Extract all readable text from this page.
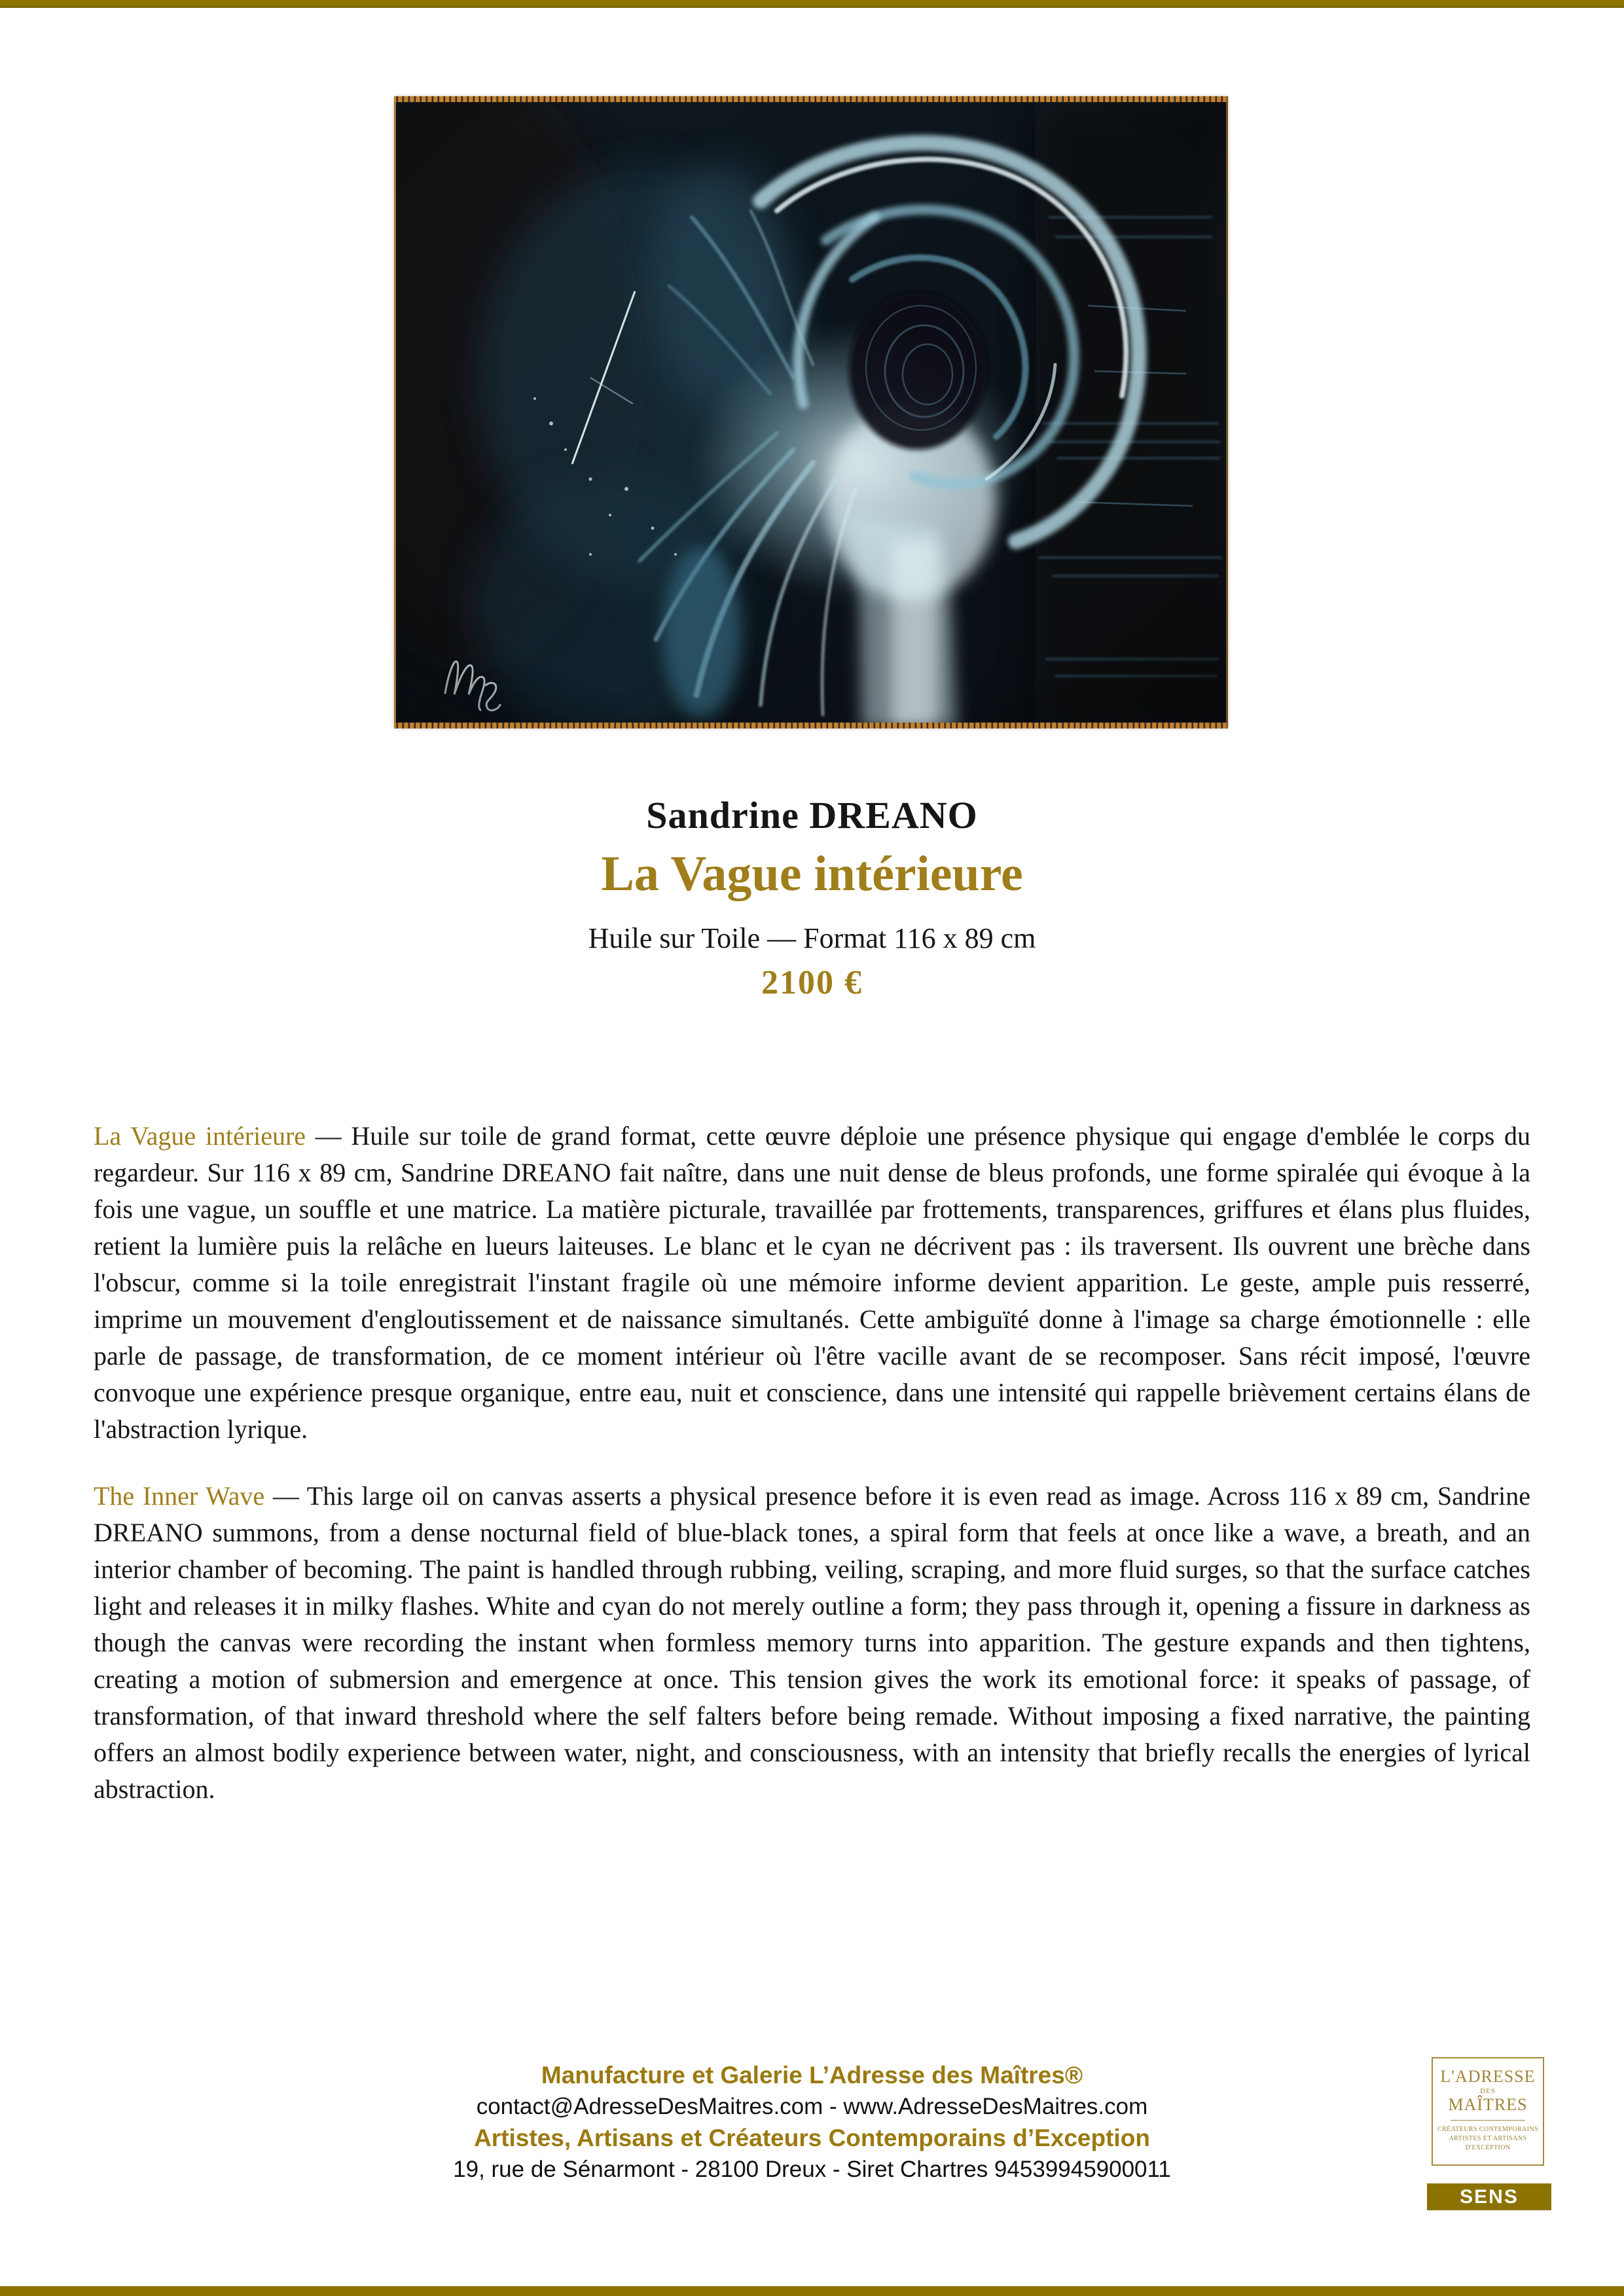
Sandrine DREANO
La Vague intérieure
Huile sur Toile — Format 116 x 89 cm
2100 €

La Vague intérieure — Huile sur toile de grand format, cette œuvre déploie une présence physique qui engage d'emblée le corps du regardeur. Sur 116 x 89 cm, Sandrine DREANO fait naître, dans une nuit dense de bleus profonds, une forme spiralée qui évoque à la fois une vague, un souffle et une matrice. La matière picturale, travaillée par frottements, transparences, griffures et élans plus fluides, retient la lumière puis la relâche en lueurs laiteuses. Le blanc et le cyan ne décrivent pas : ils traversent. Ils ouvrent une brèche dans l'obscur, comme si la toile enregistrait l'instant fragile où une mémoire informe devient apparition. Le geste, ample puis resserré, imprime un mouvement d'engloutissement et de naissance simultanés. Cette ambiguïté donne à l'image sa charge émotionnelle : elle parle de passage, de transformation, de ce moment intérieur où l'être vacille avant de se recomposer. Sans récit imposé, l'œuvre convoque une expérience presque organique, entre eau, nuit et conscience, dans une intensité qui rappelle brièvement certains élans de l'abstraction lyrique.

The Inner Wave — This large oil on canvas asserts a physical presence before it is even read as image. Across 116 x 89 cm, Sandrine DREANO summons, from a dense nocturnal field of blue-black tones, a spiral form that feels at once like a wave, a breath, and an interior chamber of becoming. The paint is handled through rubbing, veiling, scraping, and more fluid surges, so that the surface catches light and releases it in milky flashes. White and cyan do not merely outline a form; they pass through it, opening a fissure in darkness as though the canvas were recording the instant when formless memory turns into apparition. The gesture expands and then tightens, creating a motion of submersion and emergence at once. This tension gives the work its emotional force: it speaks of passage, of transformation, of that inward threshold where the self falters before being remade. Without imposing a fixed narrative, the painting offers an almost bodily experience between water, night, and consciousness, with an intensity that briefly recalls the energies of lyrical abstraction.

Manufacture et Galerie L’Adresse des Maîtres®
contact@AdresseDesMaitres.com - www.AdresseDesMaitres.com
Artistes, Artisans et Créateurs Contemporains d’Exception
19, rue de Sénarmont - 28100 Dreux - Siret Chartres 94539945900011
L'ADRESSE
DES
MAÎTRES
CRÉATEURS CONTEMPORAINS
ARTISTES ET ARTISANS
D'EXCEPTION
SENS
